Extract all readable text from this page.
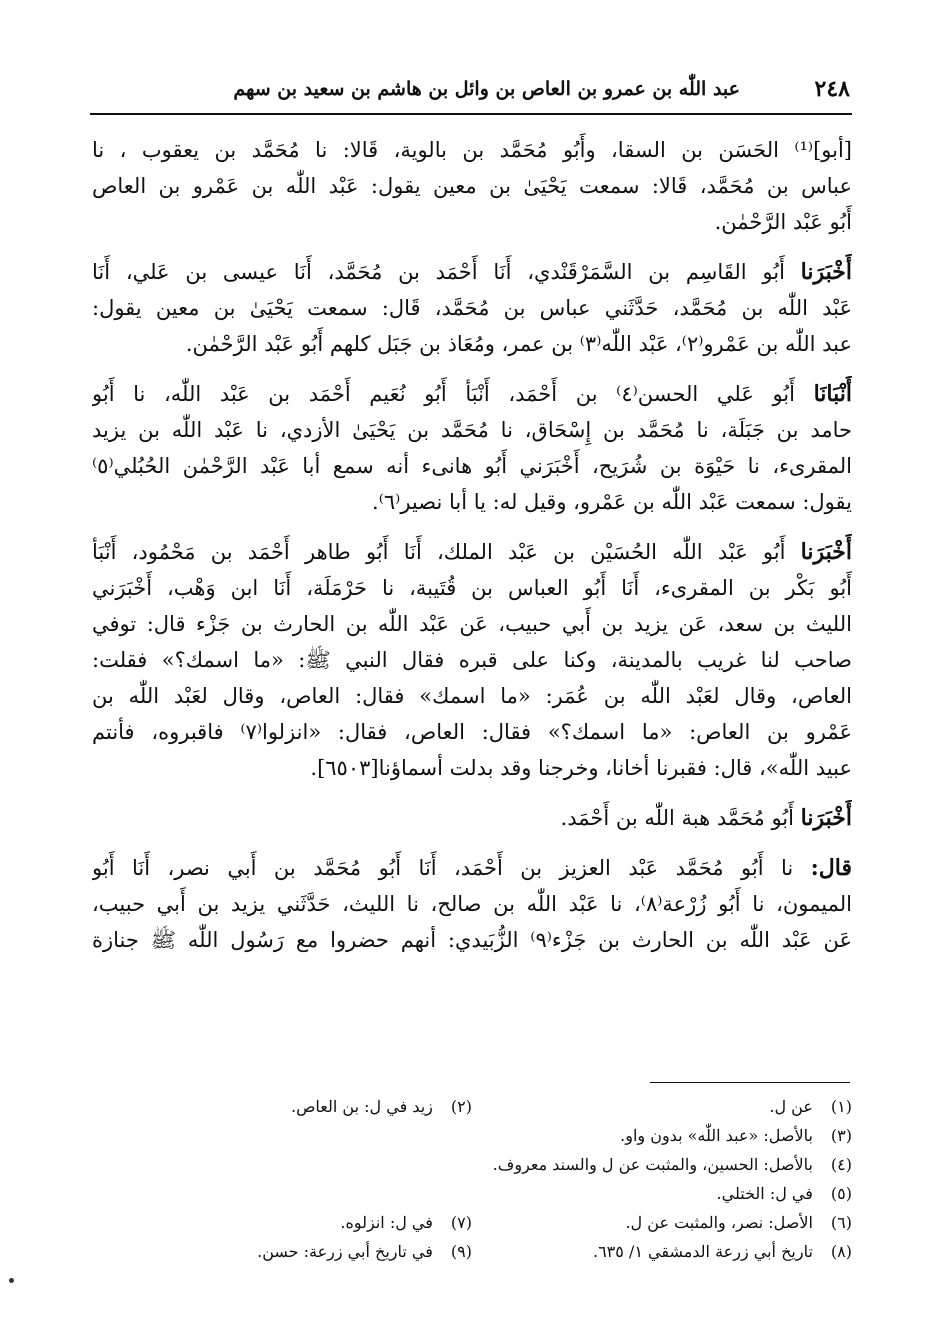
٢٤٨
عبد اللّٰه بن عمرو بن العاص بن وائل بن هاشم بن سعيد بن سهم
[أبو]⁽¹⁾ الحَسَن بن السقا، وأَبُو مُحَمَّد بن بالوية، قَالا: نا مُحَمَّد بن يعقوب ، نا
عباس بن مُحَمَّد، قَالا: سمعت يَحْيَىٰ بن معين يقول: عَبْد اللّٰه بن عَمْرو بن العاص
أَبُو عَبْد الرَّحْمٰن.
أَخْبَرَنا أَبُو القَاسِم بن السَّمَرْقَنْدي، أَنَا أَحْمَد بن مُحَمَّد، أَنَا عيسى بن عَلي، أَنَا
عَبْد اللّٰه بن مُحَمَّد، حَدَّثَني عباس بن مُحَمَّد، قَال: سمعت يَحْيَىٰ بن معين يقول:
عبد اللّٰه بن عَمْرو⁽٢⁾، عَبْد اللّٰه⁽٣⁾ بن عمر، ومُعَاذ بن جَبَل كلهم أَبُو عَبْد الرَّحْمٰن.
أَنْبَانَا أَبُو عَلي الحسن⁽٤⁾ بن أَحْمَد، أَنْبَأ أَبُو نُعَيم أَحْمَد بن عَبْد اللّٰه، نا أَبُو
حامد بن جَبَلَة، نا مُحَمَّد بن إِسْحَاق، نا مُحَمَّد بن يَحْيَىٰ الأزدي، نا عَبْد اللّٰه بن يزيد
المقرىء، نا حَيْوَة بن شُرَيح، أَخْبَرَني أَبُو هانىء أنه سمع أبا عَبْد الرَّحْمٰن الحُبُلي⁽٥⁾
يقول: سمعت عَبْد اللّٰه بن عَمْرو، وقيل له: يا أبا نصير⁽٦⁾.
أَخْبَرَنا أَبُو عَبْد اللّٰه الحُسَيْن بن عَبْد الملك، أَنَا أَبُو طاهر أَحْمَد بن مَحْمُود، أَنْبَأ
أَبُو بَكْر بن المقرىء، أَنَا أَبُو العباس بن قُتَيبة، نا حَرْمَلَة، أَنَا ابن وَهْب، أَخْبَرَني
الليث بن سعد، عَن يزيد بن أَبي حبيب، عَن عَبْد اللّٰه بن الحارث بن جَزْء قال: توفي
صاحب لنا غريب بالمدينة، وكنا على قبره فقال النبي ﷺ: «ما اسمك؟» فقلت:
العاص، وقال لعَبْد اللّٰه بن عُمَر: «ما اسمك» فقال: العاص، وقال لعَبْد اللّٰه بن
عَمْرو بن العاص: «ما اسمك؟» فقال: العاص، فقال: «انزلوا⁽٧⁾ فاقبروه، فأنتم
عبيد اللّٰه»، قال: فقبرنا أخانا، وخرجنا وقد بدلت أسماؤنا[٦٥٠٣].
أَخْبَرَنا أَبُو مُحَمَّد هبة اللّٰه بن أَحْمَد.
قال: نا أَبُو مُحَمَّد عَبْد العزيز بن أَحْمَد، أَنَا أَبُو مُحَمَّد بن أَبي نصر، أَنَا أَبُو
الميمون، نا أَبُو زُرْعة⁽٨⁾، نا عَبْد اللّٰه بن صالح، نا الليث، حَدَّثَني يزيد بن أَبي حبيب،
عَن عَبْد اللّٰه بن الحارث بن جَزْء⁽٩⁾ الزُّبَيدي: أنهم حضروا مع رَسُول اللّٰه ﷺ جنازة
(١) عن ل.
(٢) زيد في ل: بن العاص.
(٣) بالأصل: «عبد اللّٰه» بدون واو.
(٤) بالأصل: الحسين، والمثبت عن ل والسند معروف.
(٥) في ل: الختلي.
(٦) الأصل: نصر، والمثبت عن ل.
(٧) في ل: انزلوه.
(٨) تاريخ أبي زرعة الدمشقي ١/ ٦٣٥.
(٩) في تاريخ أبي زرعة: حسن.
